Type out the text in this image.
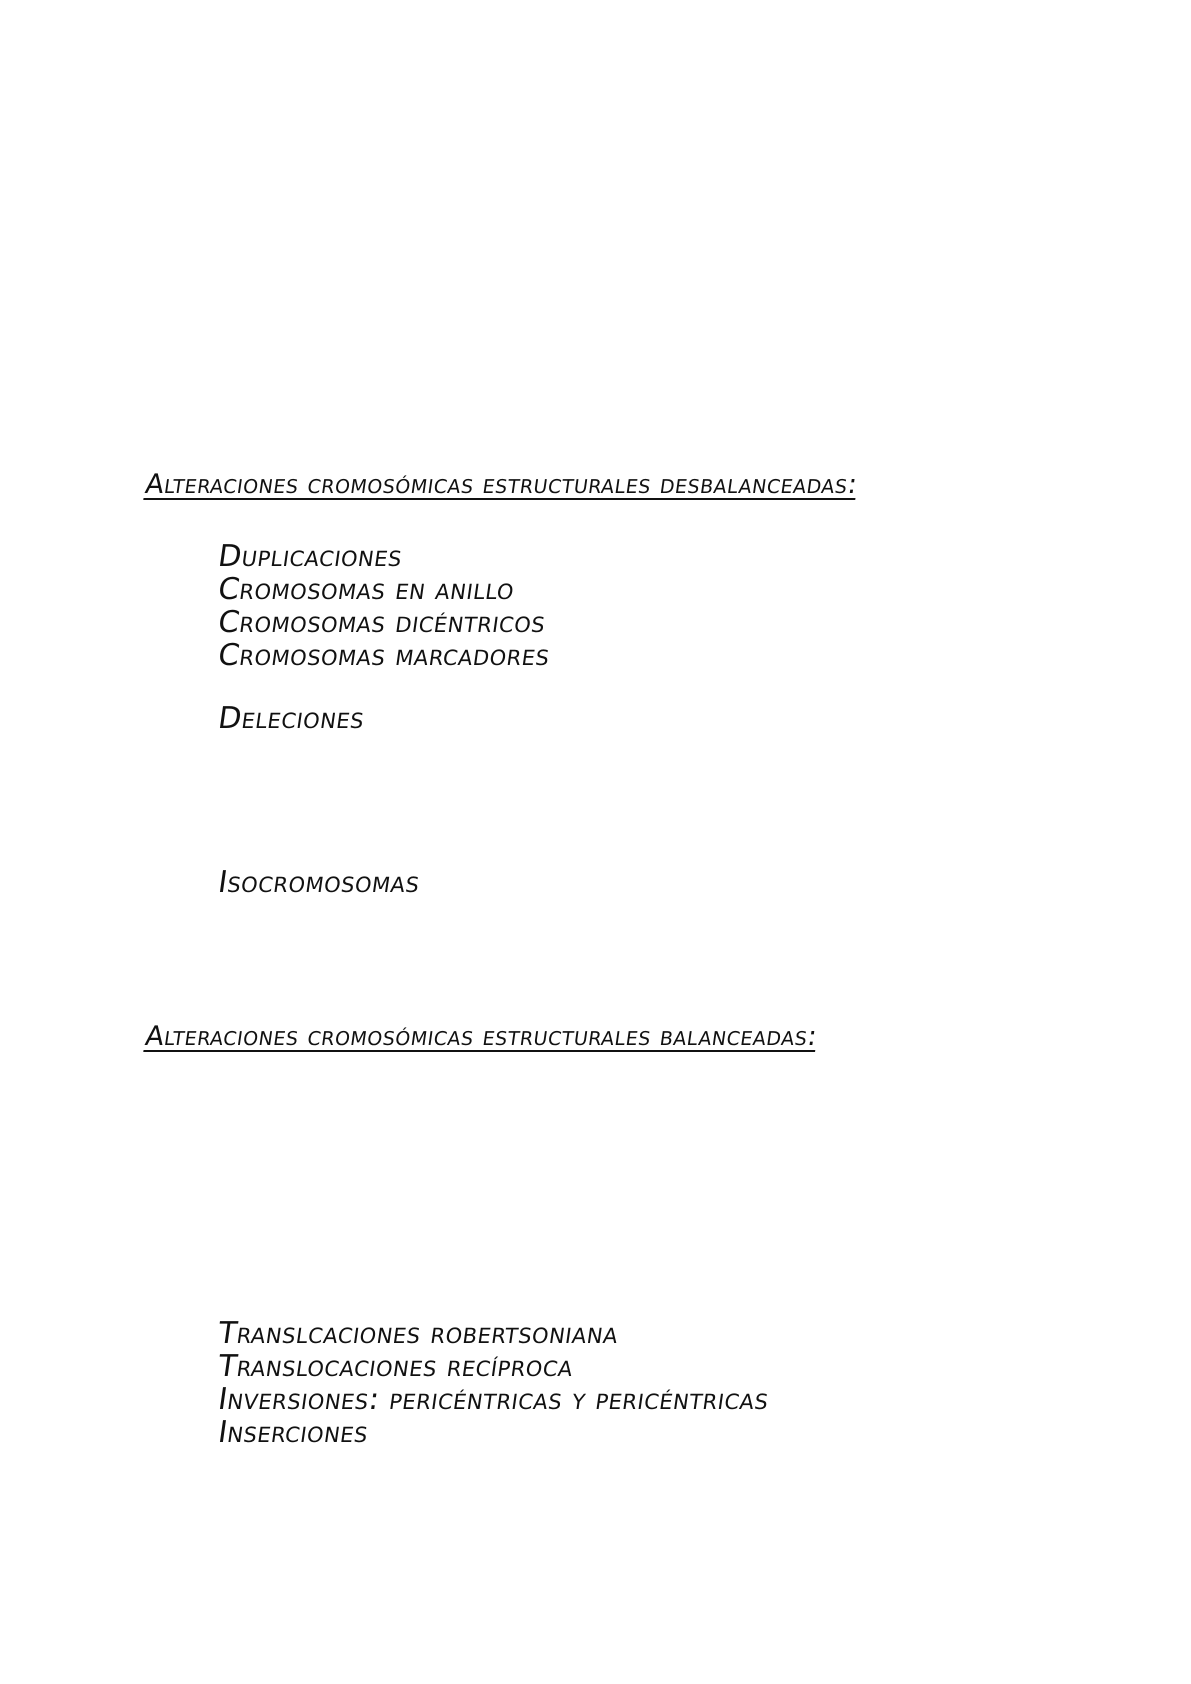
Alteraciones cromosómicas estructurales desbalanceadas:
Duplicaciones
Cromosomas en anillo
Cromosomas dicéntricos
Cromosomas marcadores
Deleciones
Isocromosomas
Alteraciones cromosómicas estructurales balanceadas:
Translcaciones robertsoniana
Translocaciones recíproca
Inversiones: pericéntricas y pericéntricas
Inserciones
